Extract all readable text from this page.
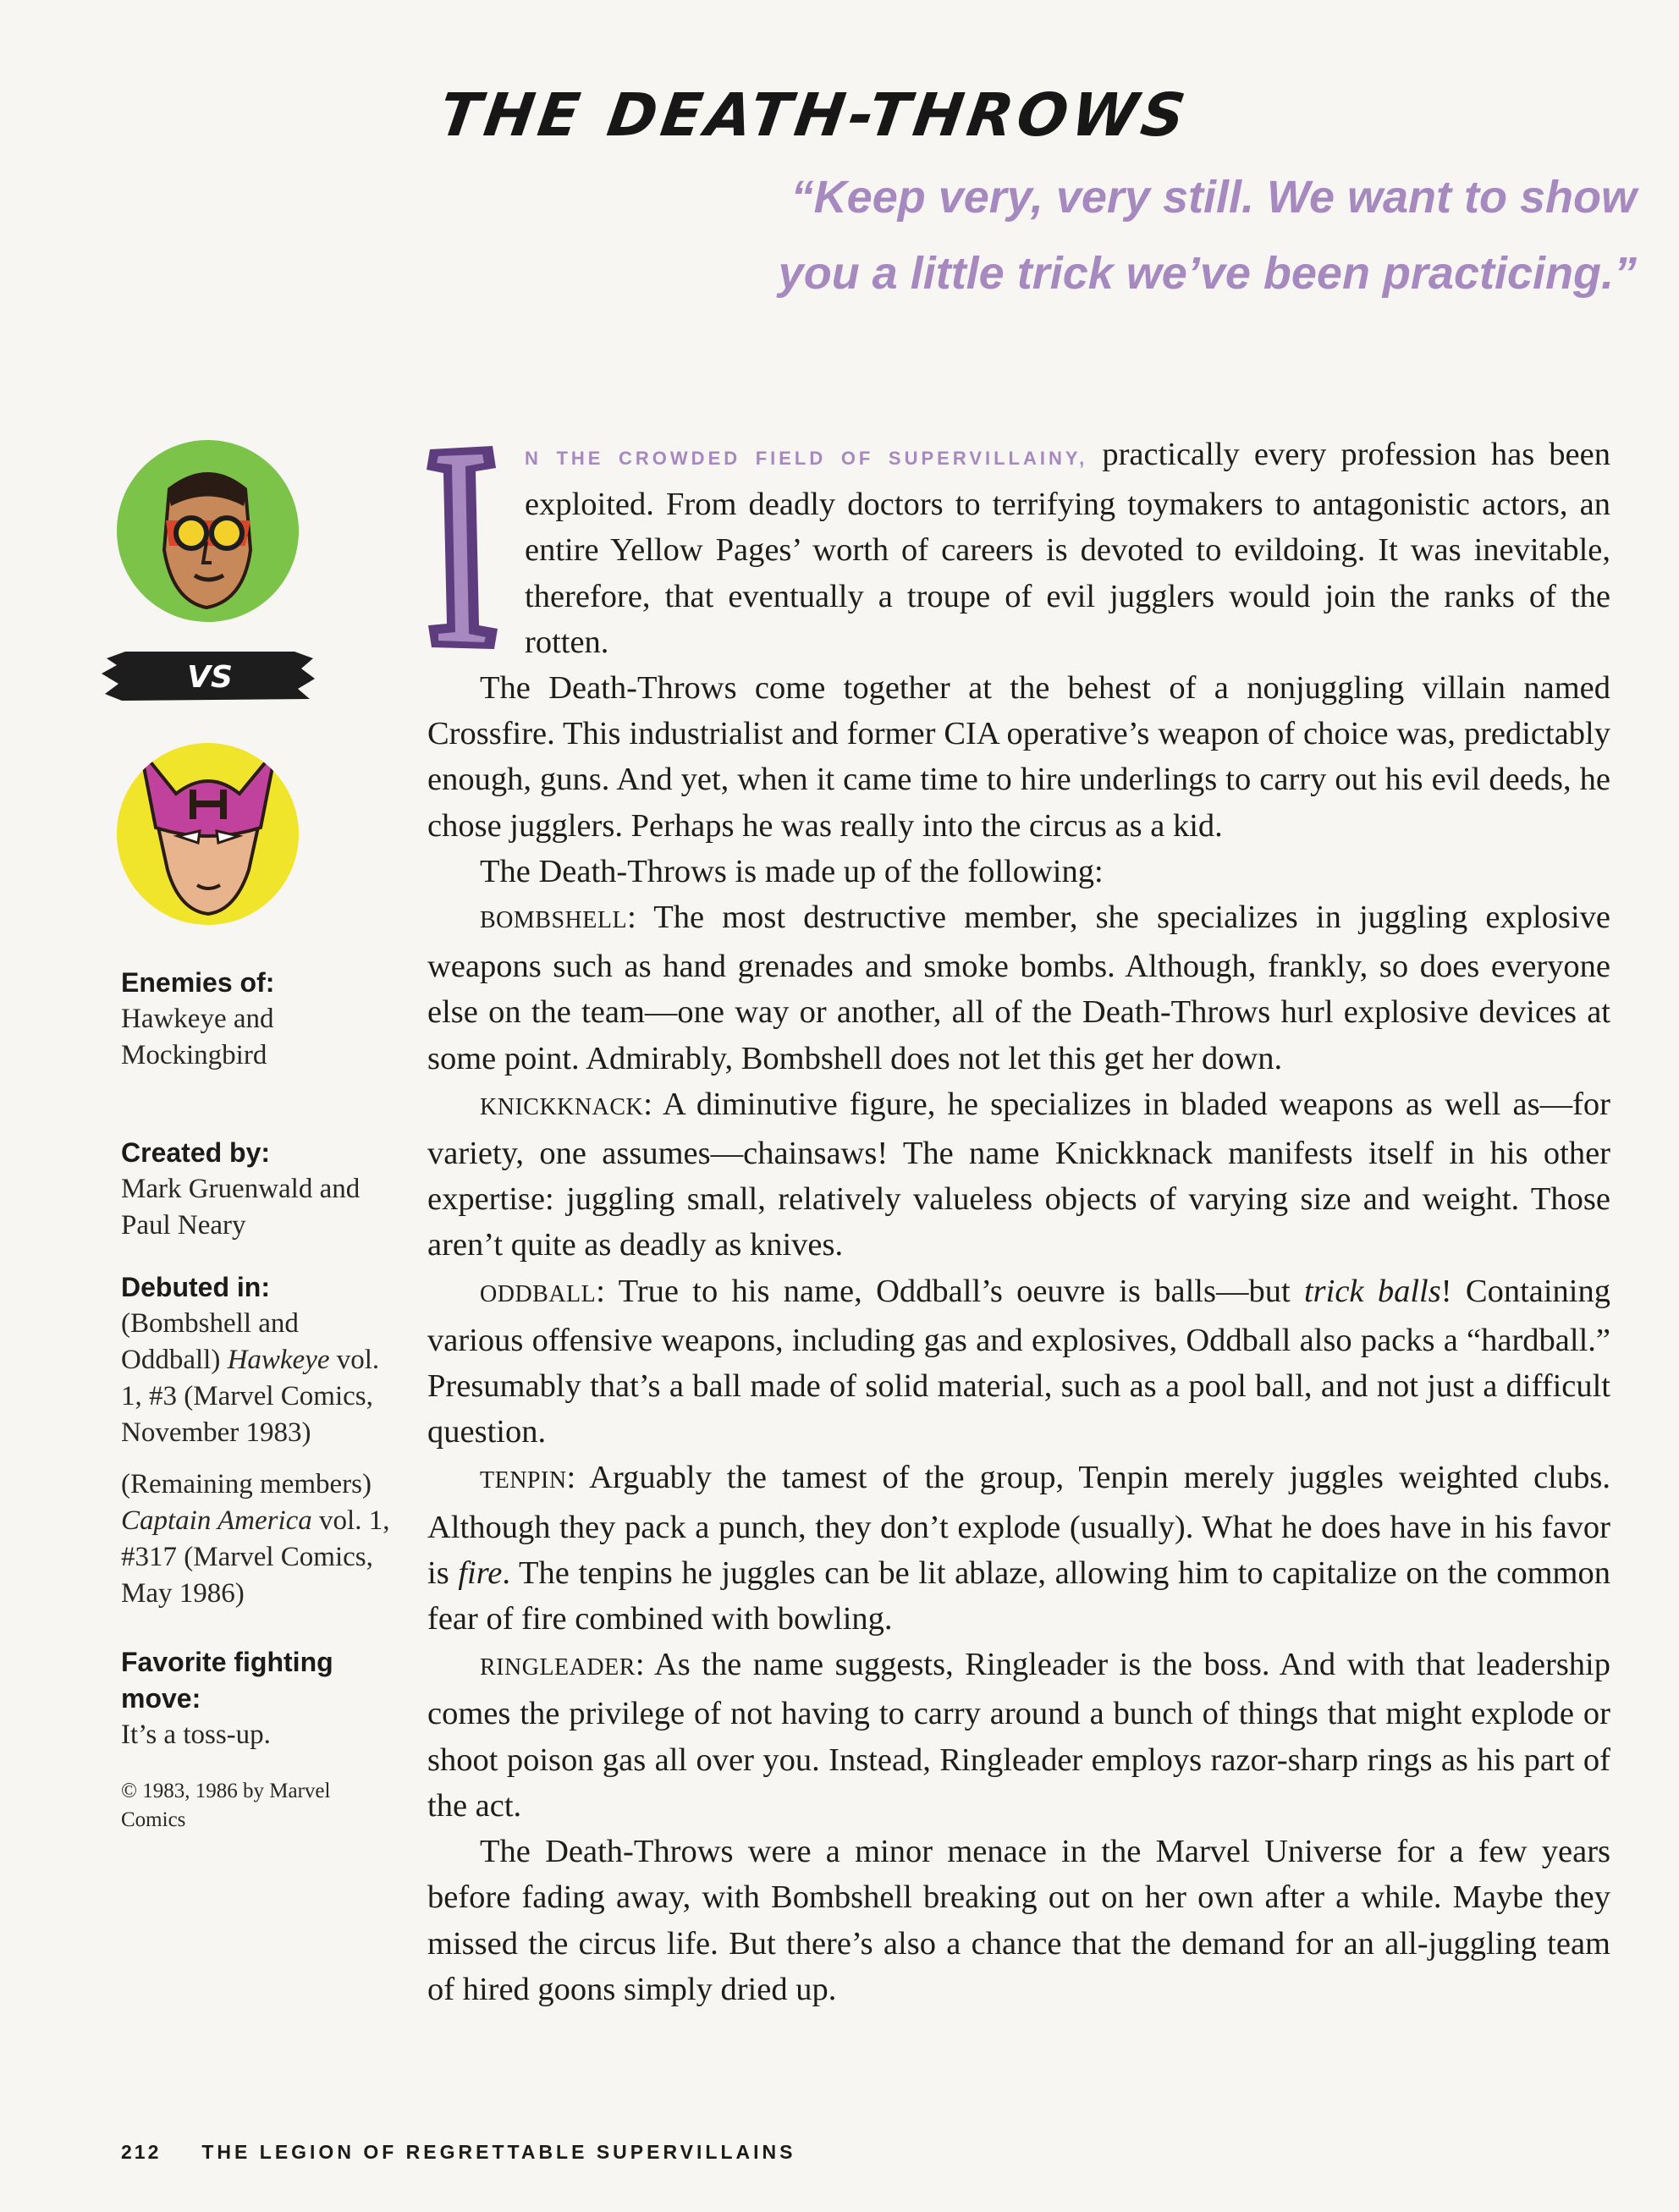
THE DEATH-THROWS
“Keep very, very still. We want to show
you a little trick we’ve been practicing.”
VS

Enemies of:

Hawkeye and Mockingbird

Created by:

Mark Gruenwald and Paul Neary

Debuted in:

(Bombshell and Oddball) Hawkeye vol. 1, #3 (Marvel Comics, November 1983)

(Remaining members) Captain America vol. 1, #317 (Marvel Comics, May 1986)

Favorite fighting move:

It’s a toss-up.

© 1983, 1986 by Marvel Comics

I

N THE CROWDED FIELD OF SUPERVILLAINY, practically every profession has been exploited. From deadly doctors to terrifying toymakers to antagonistic actors, an entire Yellow Pages’ worth of careers is devoted to evildoing. It was inevitable, therefore, that eventually a troupe of evil jugglers would join the ranks of the rotten.

The Death-Throws come together at the behest of a nonjuggling villain named Crossfire. This industrialist and former CIA operative’s weapon of choice was, predictably enough, guns. And yet, when it came time to hire underlings to carry out his evil deeds, he chose jugglers. Perhaps he was really into the circus as a kid.

The Death-Throws is made up of the following:

BOMBSHELL: The most destructive member, she specializes in juggling explosive weapons such as hand grenades and smoke bombs. Although, frankly, so does everyone else on the team—one way or another, all of the Death-Throws hurl explosive devices at some point. Admirably, Bombshell does not let this get her down.

KNICKKNACK: A diminutive figure, he specializes in bladed weapons as well as—for variety, one assumes—chainsaws! The name Knickknack manifests itself in his other expertise: juggling small, relatively valueless objects of varying size and weight. Those aren’t quite as deadly as knives.

ODDBALL: True to his name, Oddball’s oeuvre is balls—but trick balls! Containing various offensive weapons, including gas and explosives, Oddball also packs a “hardball.” Presumably that’s a ball made of solid material, such as a pool ball, and not just a difficult question.

TENPIN: Arguably the tamest of the group, Tenpin merely juggles weighted clubs. Although they pack a punch, they don’t explode (usually). What he does have in his favor is fire. The tenpins he juggles can be lit ablaze, allowing him to capitalize on the common fear of fire combined with bowling.

RINGLEADER: As the name suggests, Ringleader is the boss. And with that leadership comes the privilege of not having to carry around a bunch of things that might explode or shoot poison gas all over you. Instead, Ringleader employs razor-sharp rings as his part of the act.

The Death-Throws were a minor menace in the Marvel Universe for a few years before fading away, with Bombshell breaking out on her own after a while. Maybe they missed the circus life. But there’s also a chance that the demand for an all-juggling team of hired goons simply dried up.

212 THE LEGION OF REGRETTABLE SUPERVILLAINS
